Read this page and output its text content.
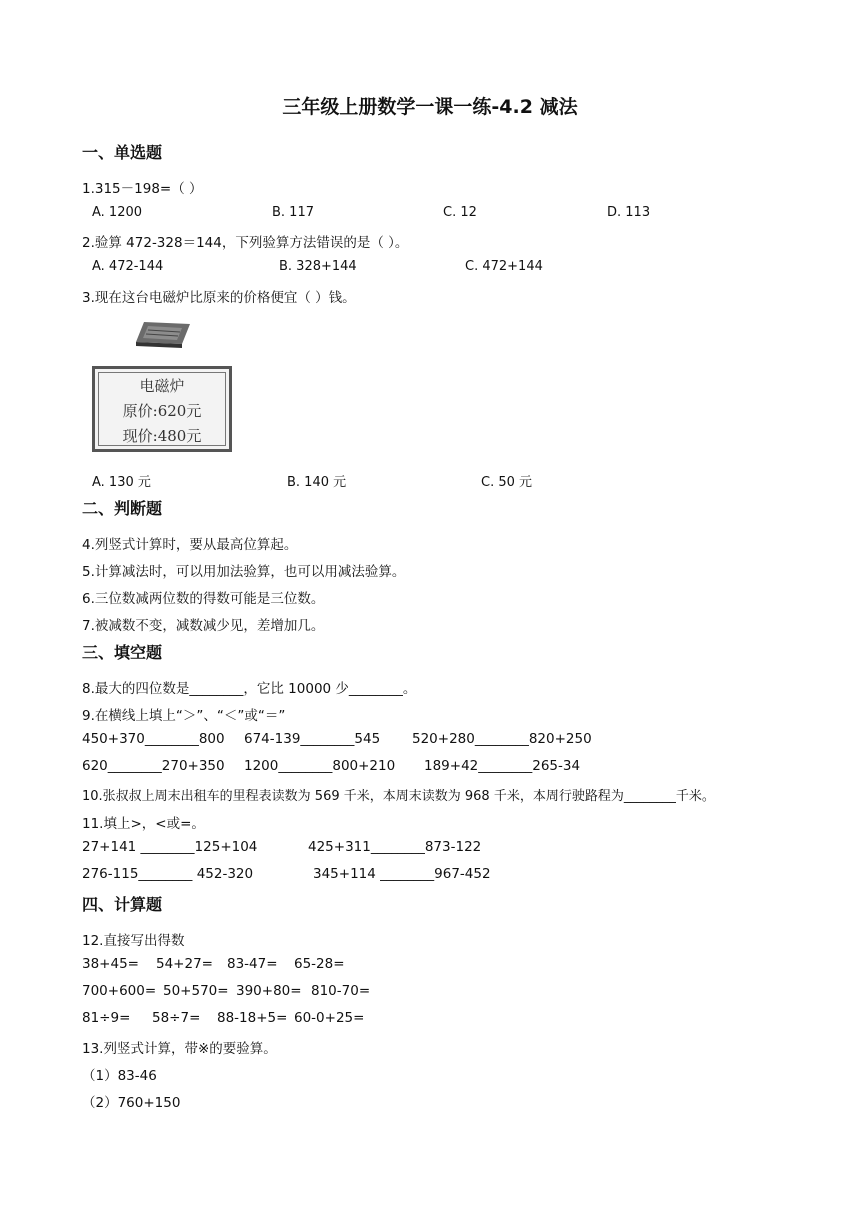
三年级上册数学一课一练-4.2 减法
一、单选题
1.315－198=（ ）
A. 1200	B. 117	C. 12	D. 113
2.验算 472-328＝144，下列验算方法错误的是（ ）。
A. 472-144	B. 328+144	C. 472+144
3.现在这台电磁炉比原来的价格便宜（ ）钱。
电磁炉
原价:620元
现价:480元
A. 130 元	B. 140 元	C. 50 元
二、判断题
4.列竖式计算时，要从最高位算起。
5.计算减法时，可以用加法验算，也可以用减法验算。
6.三位数减两位数的得数可能是三位数。
7.被减数不变，减数减少见，差增加几。
三、填空题
8.最大的四位数是________，它比 10000 少________。
9.在横线上填上“＞”、“＜”或“＝”
450+370________800 674-139________545 520+280________820+250
620________270+350 1200________800+210 189+42________265-34
10.张叔叔上周末出租车的里程表读数为 569 千米，本周末读数为 968 千米，本周行驶路程为________千米。
11.填上>，<或=。
27+141 ________125+104	425+311________873-122
276-115________ 452-320	345+114 ________967-452
四、计算题
12.直接写出得数
38+45= 54+27= 83-47= 65-28=
700+600= 50+570= 390+80= 810-70=
81÷9= 58÷7= 88-18+5= 60-0+25=
13.列竖式计算，带※的要验算。
（1）83-46
（2）760+150
